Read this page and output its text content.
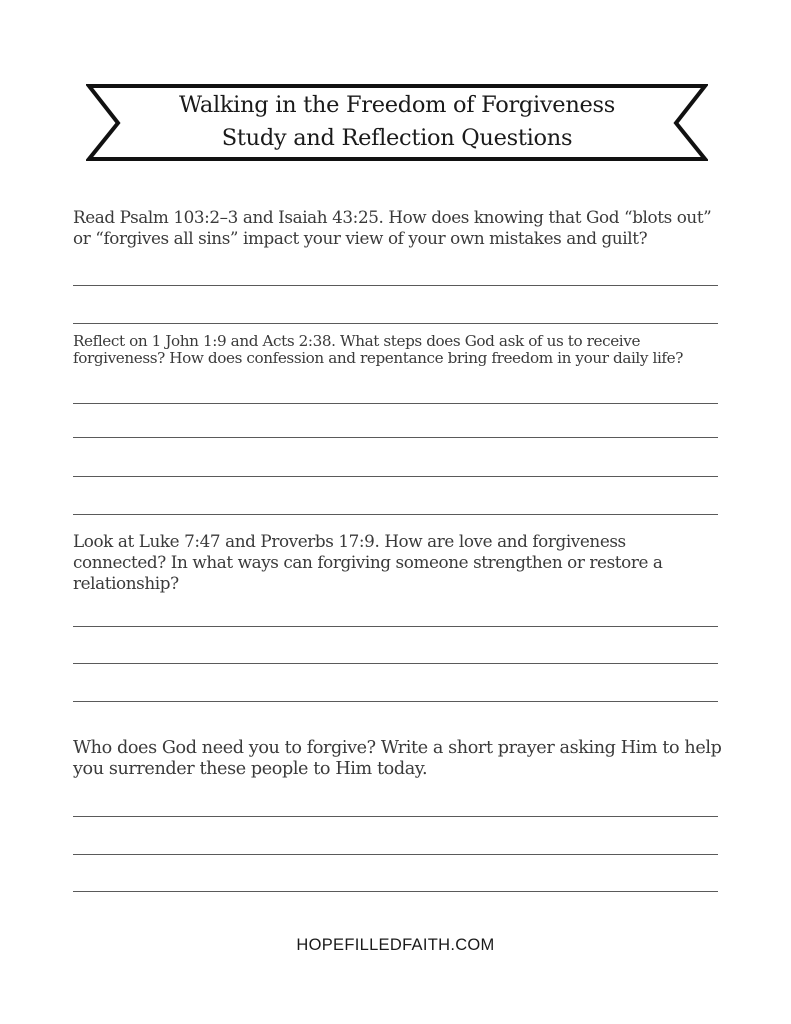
Walking in the Freedom of Forgiveness
Study and Reflection Questions
Read Psalm 103:2–3 and Isaiah 43:25. How does knowing that God “blots out” or “forgives all sins” impact your view of your own mistakes and guilt?
Reflect on 1 John 1:9 and Acts 2:38. What steps does God ask of us to receive forgiveness? How does confession and repentance bring freedom in your daily life?
Look at Luke 7:47 and Proverbs 17:9. How are love and forgiveness connected? In what ways can forgiving someone strengthen or restore a relationship?
Who does God need you to forgive? Write a short prayer asking Him to help you surrender these people to Him today.
HOPEFILLEDFAITH.COM
